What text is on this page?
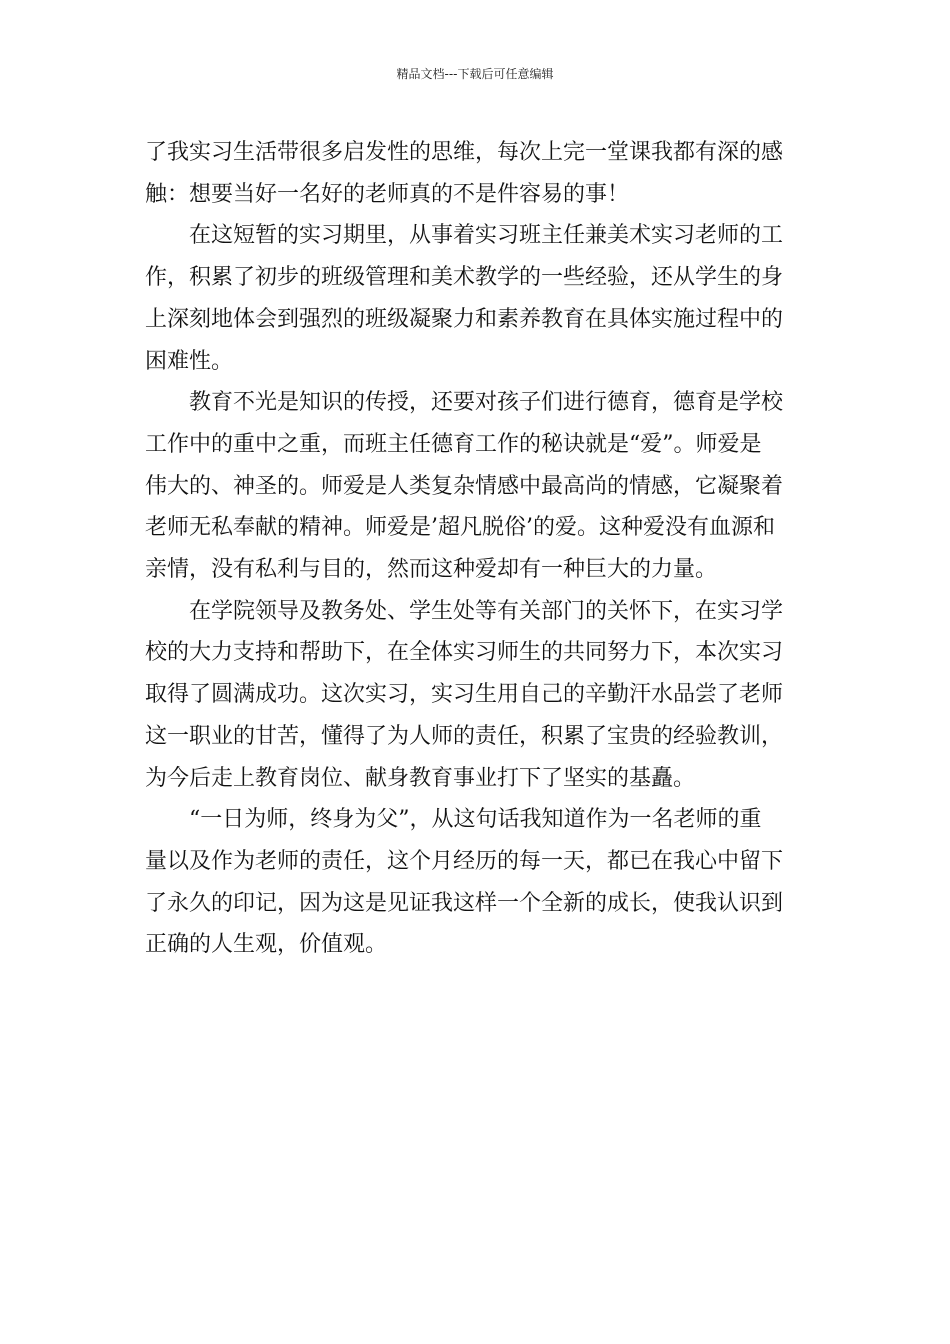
精品文档---下载后可任意编辑

了我实习生活带很多启发性的思维，每次上完一堂课我都有深的感
触：想要当好一名好的老师真的不是件容易的事！

在这短暂的实习期里，从事着实习班主任兼美术实习老师的工
作，积累了初步的班级管理和美术教学的一些经验，还从学生的身
上深刻地体会到强烈的班级凝聚力和素养教育在具体实施过程中的
困难性。

教育不光是知识的传授，还要对孩子们进行德育，德育是学校
工作中的重中之重，而班主任德育工作的秘诀就是“爱”。师爱是
伟大的、神圣的。师爱是人类复杂情感中最高尚的情感，它凝聚着
老师无私奉献的精神。师爱是’超凡脱俗’的爱。这种爱没有血源和
亲情，没有私利与目的，然而这种爱却有一种巨大的力量。

在学院领导及教务处、学生处等有关部门的关怀下，在实习学
校的大力支持和帮助下，在全体实习师生的共同努力下，本次实习
取得了圆满成功。这次实习，实习生用自己的辛勤汗水品尝了老师
这一职业的甘苦，懂得了为人师的责任，积累了宝贵的经验教训，
为今后走上教育岗位、献身教育事业打下了坚实的基矗。

“一日为师，终身为父”，从这句话我知道作为一名老师的重
量以及作为老师的责任，这个月经历的每一天，都已在我心中留下
了永久的印记，因为这是见证我这样一个全新的成长，使我认识到
正确的人生观，价值观。
